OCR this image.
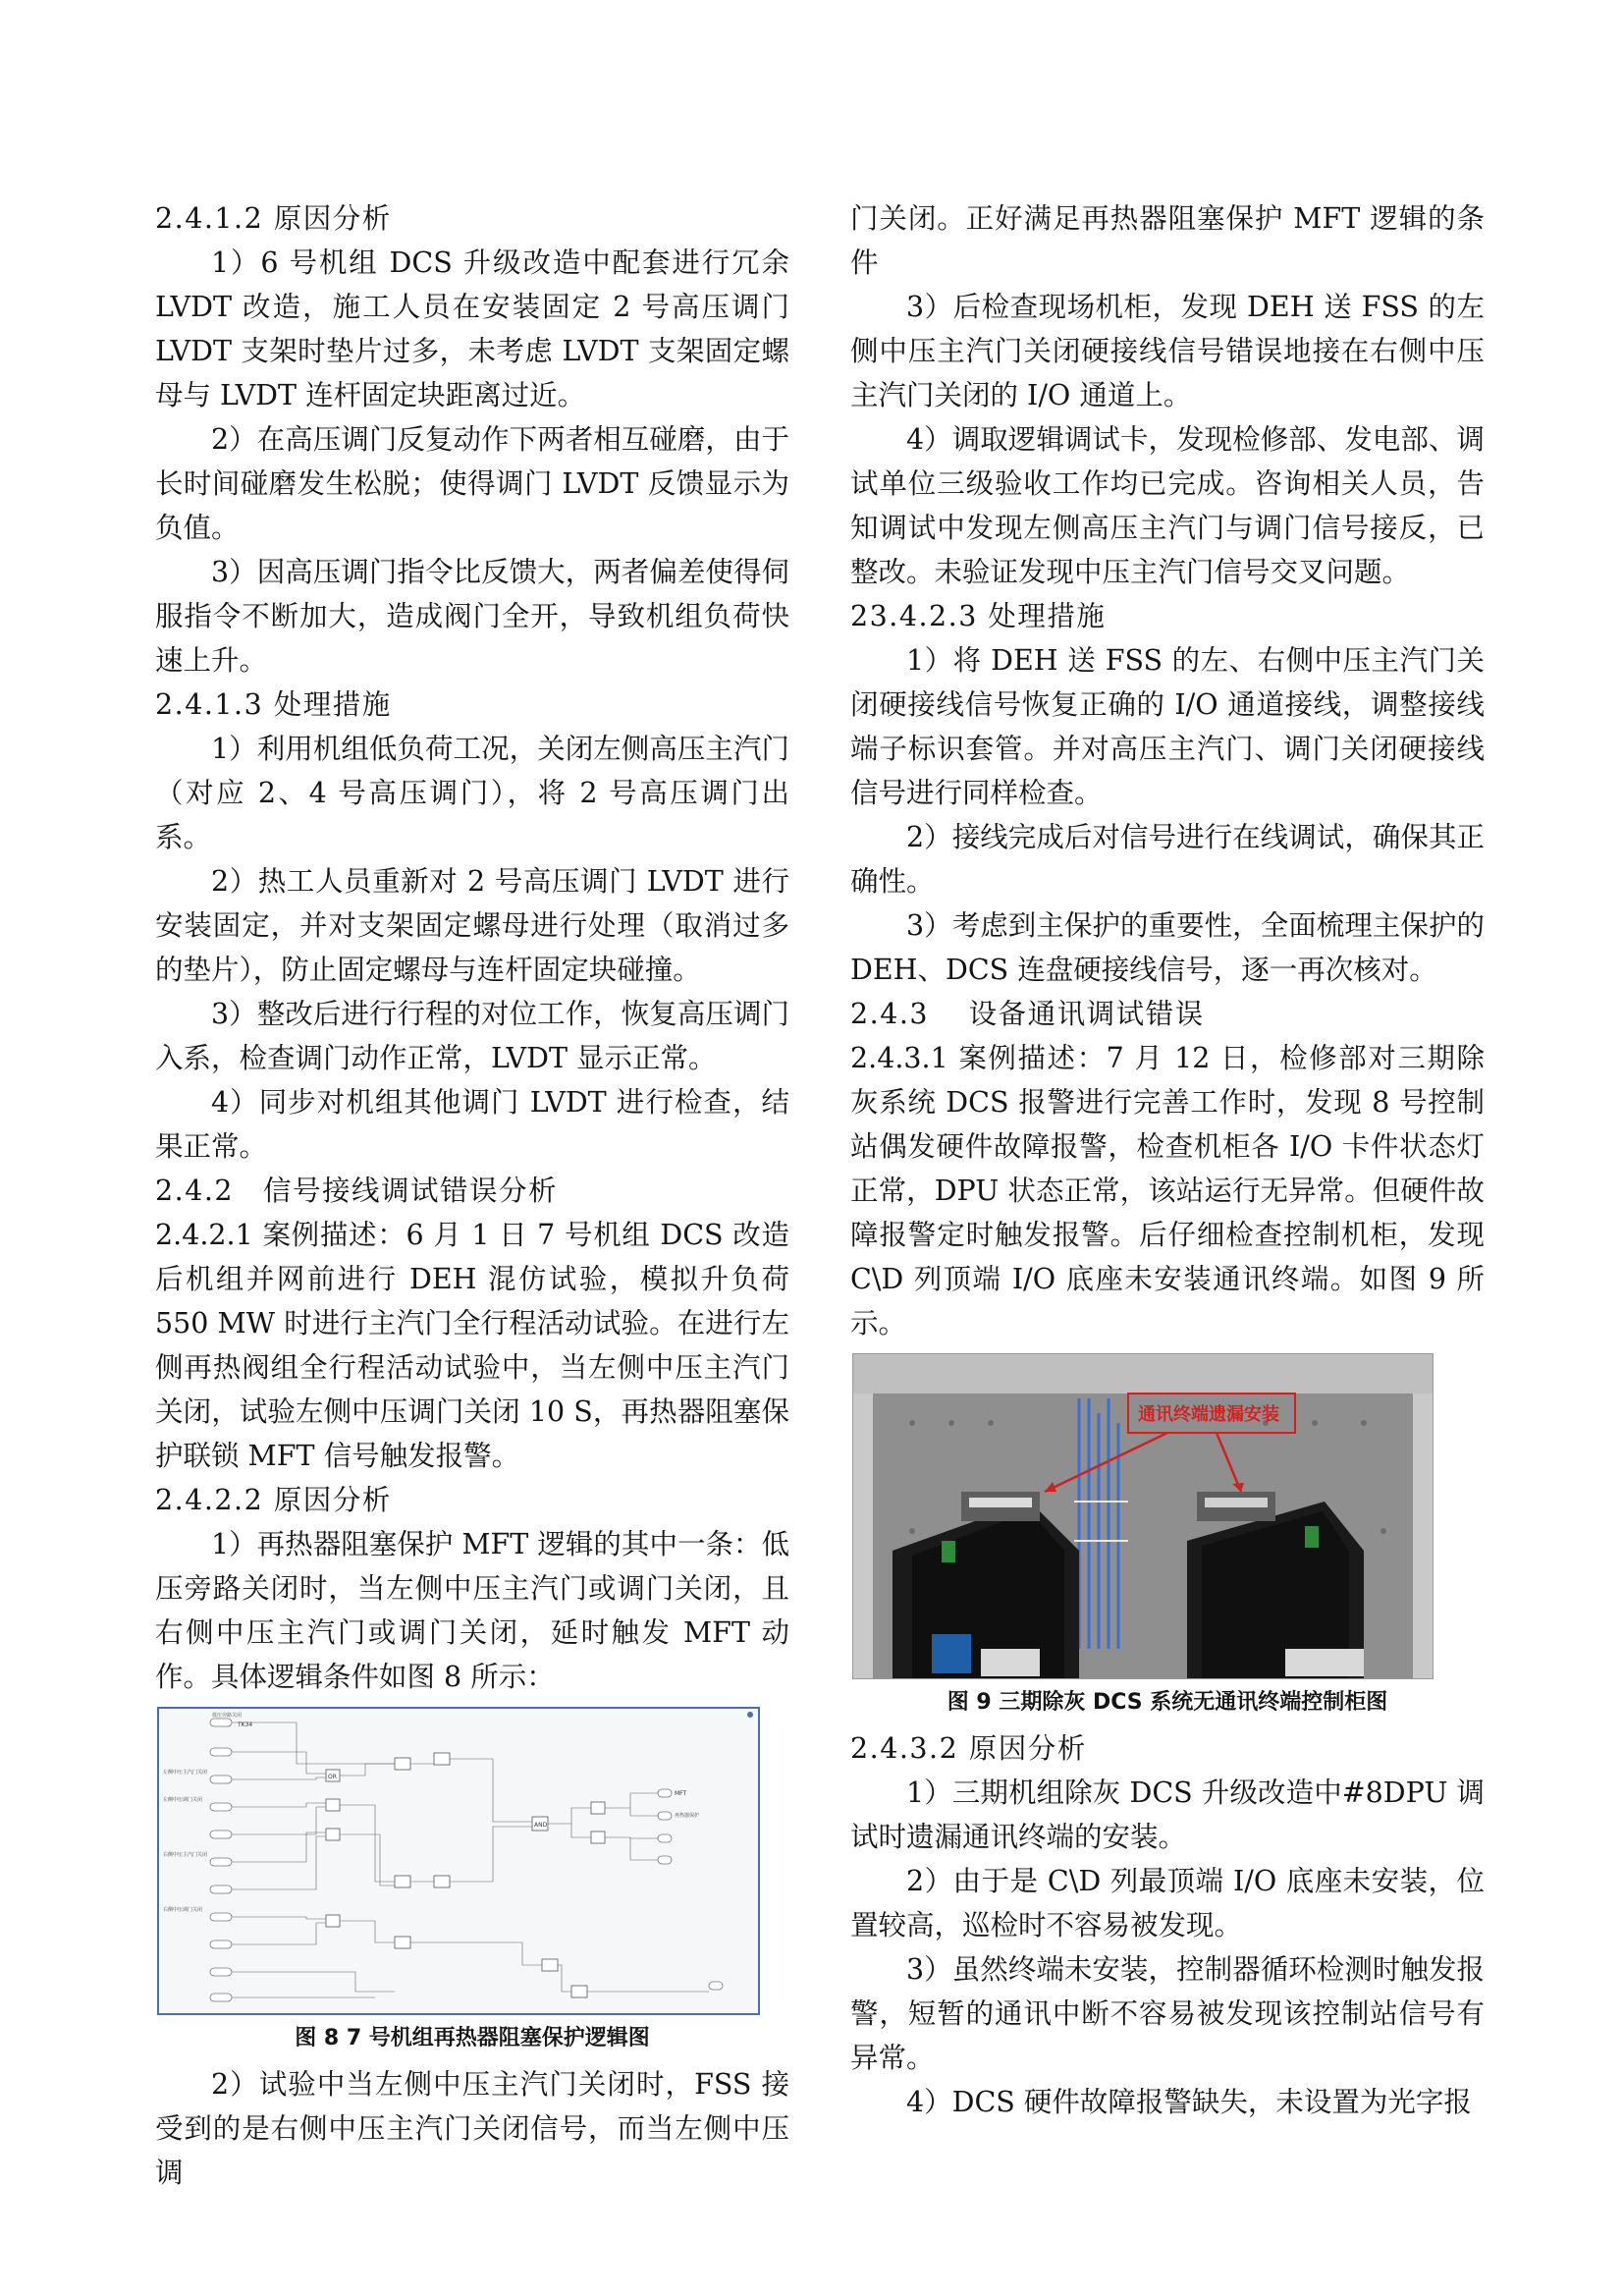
2.4.1.2 原因分析

1）6 号机组 DCS 升级改造中配套进行冗余 LVDT 改造，施工人员在安装固定 2 号高压调门 LVDT 支架时垫片过多，未考虑 LVDT 支架固定螺母与 LVDT 连杆固定块距离过近。

2）在高压调门反复动作下两者相互碰磨，由于长时间碰磨发生松脱；使得调门 LVDT 反馈显示为负值。

3）因高压调门指令比反馈大，两者偏差使得伺服指令不断加大，造成阀门全开，导致机组负荷快速上升。

2.4.1.3 处理措施

1）利用机组低负荷工况，关闭左侧高压主汽门（对应 2、4 号高压调门），将 2 号高压调门出系。

2）热工人员重新对 2 号高压调门 LVDT 进行安装固定，并对支架固定螺母进行处理（取消过多的垫片），防止固定螺母与连杆固定块碰撞。

3）整改后进行行程的对位工作，恢复高压调门入系，检查调门动作正常，LVDT 显示正常。

4）同步对机组其他调门 LVDT 进行检查，结果正常。

2.4.2　信号接线调试错误分析

2.4.2.1 案例描述：6 月 1 日 7 号机组 DCS 改造后机组并网前进行 DEH 混仿试验，模拟升负荷 550 MW 时进行主汽门全行程活动试验。在进行左侧再热阀组全行程活动试验中，当左侧中压主汽门关闭，试验左侧中压调门关闭 10 S，再热器阻塞保护联锁 MFT 信号触发报警。

2.4.2.2 原因分析

1）再热器阻塞保护 MFT 逻辑的其中一条：低压旁路关闭时，当左侧中压主汽门或调门关闭，且右侧中压主汽门或调门关闭，延时触发 MFT 动作。具体逻辑条件如图 8 所示：

低压旁路关闭
TK34
左侧中压主汽门关闭
左侧中压调门关闭
右侧中压主汽门关闭
右侧中压调门关闭
OR
AND
MFT
再热器保护

图 8 7 号机组再热器阻塞保护逻辑图

2）试验中当左侧中压主汽门关闭时，FSS 接受到的是右侧中压主汽门关闭信号，而当左侧中压调

门关闭。正好满足再热器阻塞保护 MFT 逻辑的条件

3）后检查现场机柜，发现 DEH 送 FSS 的左侧中压主汽门关闭硬接线信号错误地接在右侧中压主汽门关闭的 I/O 通道上。

4）调取逻辑调试卡，发现检修部、发电部、调试单位三级验收工作均已完成。咨询相关人员，告知调试中发现左侧高压主汽门与调门信号接反，已整改。未验证发现中压主汽门信号交叉问题。

23.4.2.3 处理措施

1）将 DEH 送 FSS 的左、右侧中压主汽门关闭硬接线信号恢复正确的 I/O 通道接线，调整接线端子标识套管。并对高压主汽门、调门关闭硬接线信号进行同样检查。

2）接线完成后对信号进行在线调试，确保其正确性。

3）考虑到主保护的重要性，全面梳理主保护的 DEH、DCS 连盘硬接线信号，逐一再次核对。

2.4.3　 设备通讯调试错误

2.4.3.1 案例描述：7 月 12 日，检修部对三期除灰系统 DCS 报警进行完善工作时，发现 8 号控制站偶发硬件故障报警，检查机柜各 I/O 卡件状态灯正常，DPU 状态正常，该站运行无异常。但硬件故障报警定时触发报警。后仔细检查控制机柜，发现 C\D 列顶端 I/O 底座未安装通讯终端。如图 9 所示。

通讯终端遗漏安装

图 9 三期除灰 DCS 系统无通讯终端控制柜图

2.4.3.2 原因分析

1）三期机组除灰 DCS 升级改造中#8DPU 调试时遗漏通讯终端的安装。

2）由于是 C\D 列最顶端 I/O 底座未安装，位置较高，巡检时不容易被发现。

3）虽然终端未安装，控制器循环检测时触发报警，短暂的通讯中断不容易被发现该控制站信号有异常。

4）DCS 硬件故障报警缺失，未设置为光字报
